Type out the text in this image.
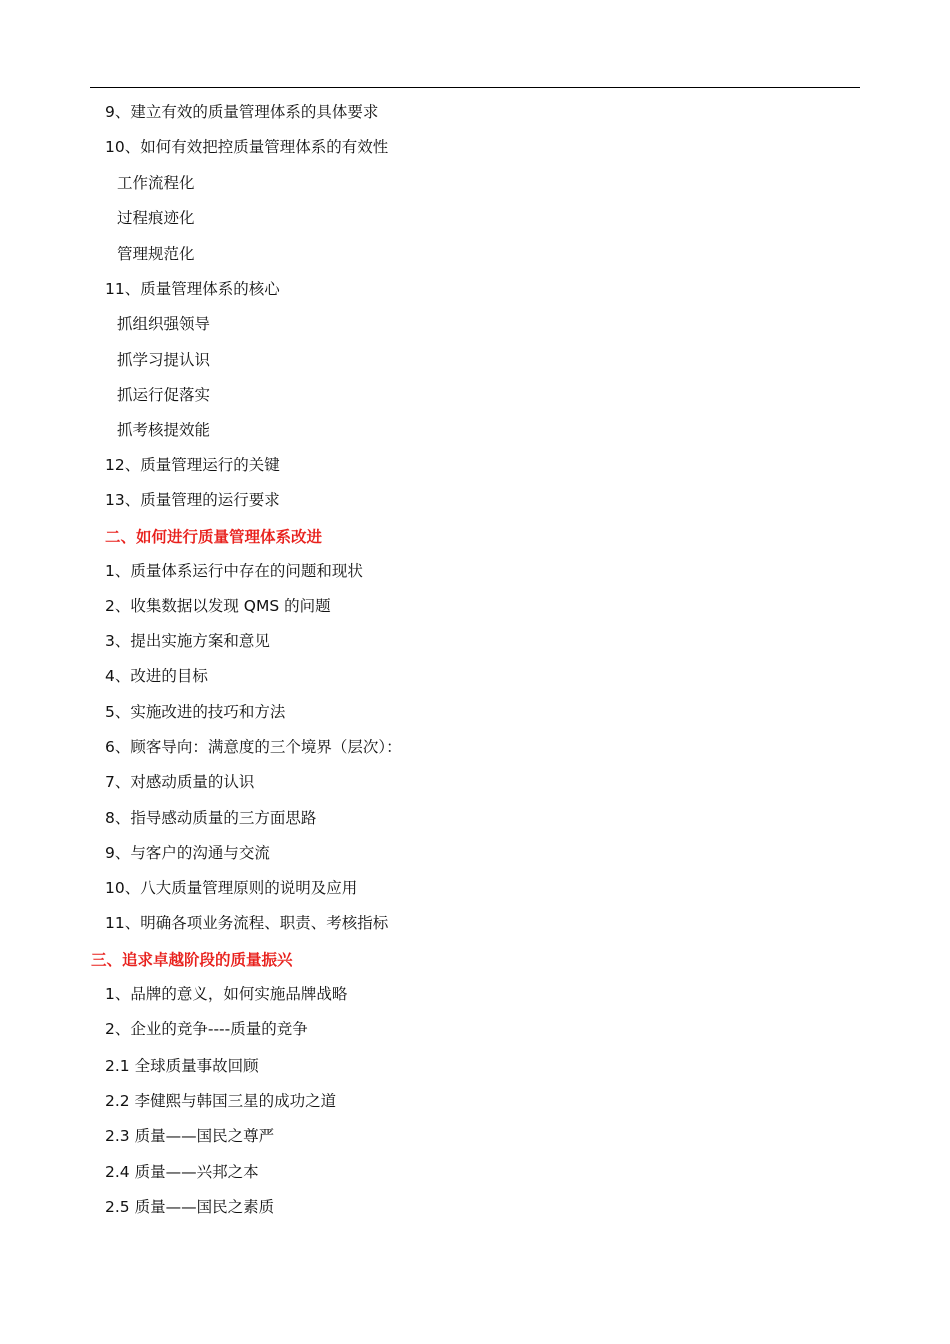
9、建立有效的质量管理体系的具体要求
10、如何有效把控质量管理体系的有效性
工作流程化
过程痕迹化
管理规范化
11、质量管理体系的核心
抓组织强领导
抓学习提认识
抓运行促落实
抓考核提效能
12、质量管理运行的关键
13、质量管理的运行要求
二、如何进行质量管理体系改进
1、质量体系运行中存在的问题和现状
2、收集数据以发现 QMS 的问题
3、提出实施方案和意见
4、改进的目标
5、实施改进的技巧和方法
6、顾客导向：满意度的三个境界（层次）：
7、对感动质量的认识
8、指导感动质量的三方面思路
9、与客户的沟通与交流
10、八大质量管理原则的说明及应用
11、明确各项业务流程、职责、考核指标
三、追求卓越阶段的质量振兴
1、品牌的意义，如何实施品牌战略
2、企业的竞争----质量的竞争
2.1 全球质量事故回顾
2.2 李健熙与韩国三星的成功之道
2.3 质量——国民之尊严
2.4 质量——兴邦之本
2.5 质量——国民之素质
